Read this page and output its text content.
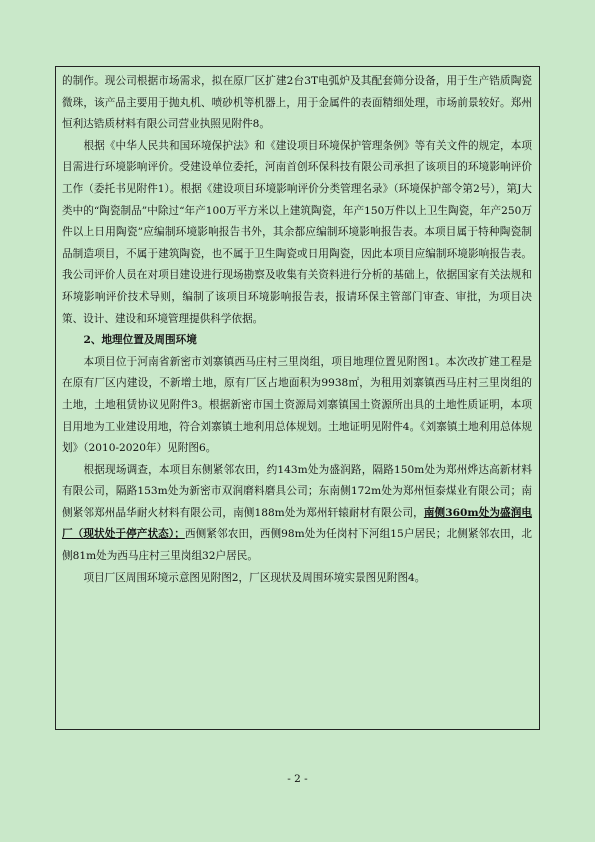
的制作。现公司根据市场需求，拟在原厂区扩建2台3T电弧炉及其配套筛分设备，用于生产锆质陶瓷微珠，该产品主要用于抛丸机、喷砂机等机器上，用于金属件的表面精细处理，市场前景较好。郑州恒利达锆质材料有限公司营业执照见附件8。

根据《中华人民共和国环境保护法》和《建设项目环境保护管理条例》等有关文件的规定，本项目需进行环境影响评价。受建设单位委托，河南首创环保科技有限公司承担了该项目的环境影响评价工作（委托书见附件1）。根据《建设项目环境影响评价分类管理名录》（环境保护部令第2号），第J大类中的“陶瓷制品”中除过“年产100万平方米以上建筑陶瓷，年产150万件以上卫生陶瓷，年产250万件以上日用陶瓷”应编制环境影响报告书外，其余都应编制环境影响报告表。本项目属于特种陶瓷制品制造项目，不属于建筑陶瓷，也不属于卫生陶瓷或日用陶瓷，因此本项目应编制环境影响报告表。我公司评价人员在对项目建设进行现场勘察及收集有关资料进行分析的基础上，依据国家有关法规和环境影响评价技术导则，编制了该项目环境影响报告表，报请环保主管部门审查、审批，为项目决策、设计、建设和环境管理提供科学依据。

2、地理位置及周围环境

本项目位于河南省新密市刘寨镇西马庄村三里岗组，项目地理位置见附图1。本次改扩建工程是在原有厂区内建设，不新增土地，原有厂区占地面积为9938㎡，为租用刘寨镇西马庄村三里岗组的土地，土地租赁协议见附件3。根据新密市国土资源局刘寨镇国土资源所出具的土地性质证明，本项目用地为工业建设用地，符合刘寨镇土地利用总体规划。土地证明见附件4。《刘寨镇土地利用总体规划》（2010-2020年）见附图6。

根据现场调查，本项目东侧紧邻农田，约143m处为盛润路，隔路150m处为郑州烨达高新材料有限公司，隔路153m处为新密市双润磨料磨具公司；东南侧172m处为郑州恒泰煤业有限公司；南侧紧邻郑州晶华耐火材料有限公司，南侧188m处为郑州轩辕耐材有限公司，南侧360m处为盛润电厂（现状处于停产状态）；西侧紧邻农田，西侧98m处为任岗村下河组15户居民；北侧紧邻农田，北侧81m处为西马庄村三里岗组32户居民。

项目厂区周围环境示意图见附图2，厂区现状及周围环境实景图见附图4。

- 2 -
